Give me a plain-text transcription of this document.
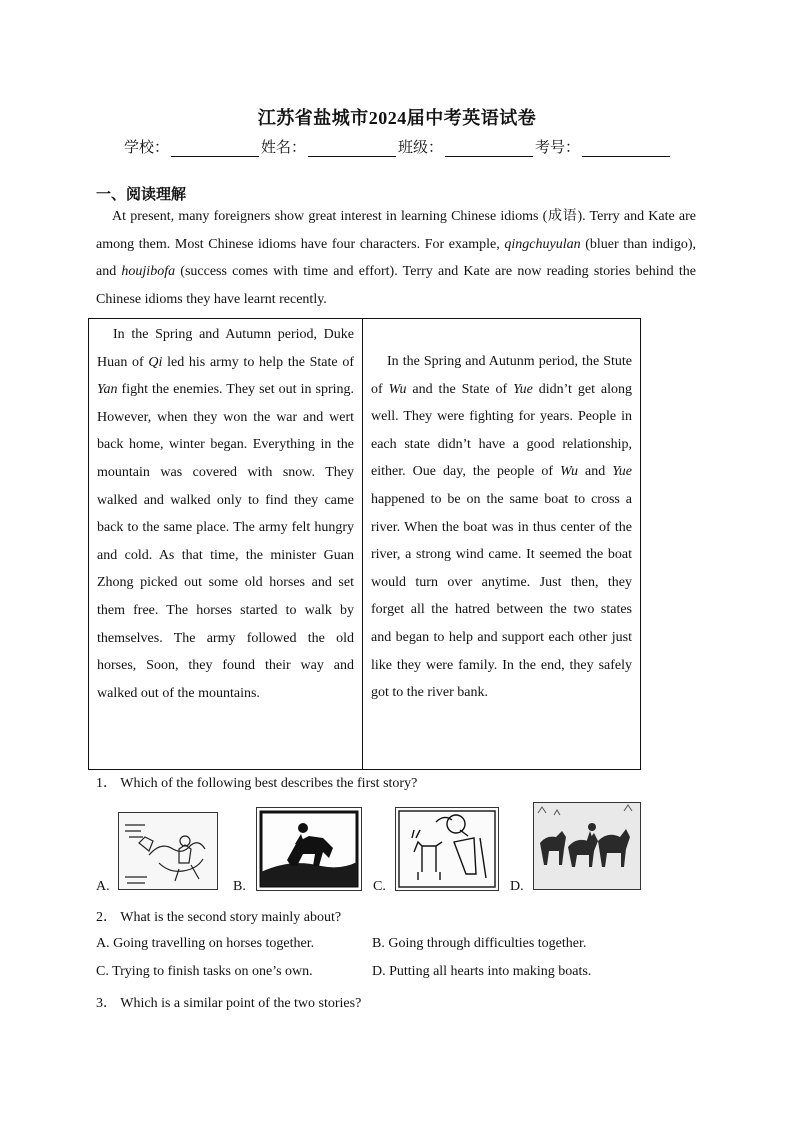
江苏省盐城市2024届中考英语试卷
学校：	姓名：	班级：	考号：
一、阅读理解

At present, many foreigners show great interest in learning Chinese idioms (成语). Terry and Kate are among them. Most Chinese idioms have four characters. For example, qingchuyulan (bluer than indigo), and houjibofa (success comes with time and effort). Terry and Kate are now reading stories behind the Chinese idioms they have learnt recently.

In the Spring and Autumn period, Duke Huan of Qi led his army to help the State of Yan fight the enemies. They set out in spring. However, when they won the war and wert back home, winter began. Everything in the mountain was covered with snow. They walked and walked only to find they came back to the same place. The army felt hungry and cold. As that time, the minister Guan Zhong picked out some old horses and set them free. The horses started to walk by themselves. The army followed the old horses, Soon, they found their way and walked out of the mountains.

In the Spring and Autunm period, the Stute of Wu and the State of Yue didn’t get along well. They were fighting for years. People in each state didn’t have a good relationship, either. Oue day, the people of Wu and Yue happened to be on the same boat to cross a river. When the boat was in thus center of the river, a strong wind came. It seemed the boat would turn over anytime. Just then, they forget all the hatred between the two states and began to help and support each other just like they were family. In the end, they safely got to the river bank.

1． Which of the following best describes the first story?
A.	B.	C.	D.
2． What is the second story mainly about?
A. Going travelling on horses together.	B. Going through difficulties together.
C. Trying to finish tasks on one’s own.	D. Putting all hearts into making boats.
3． Which is a similar point of the two stories?
